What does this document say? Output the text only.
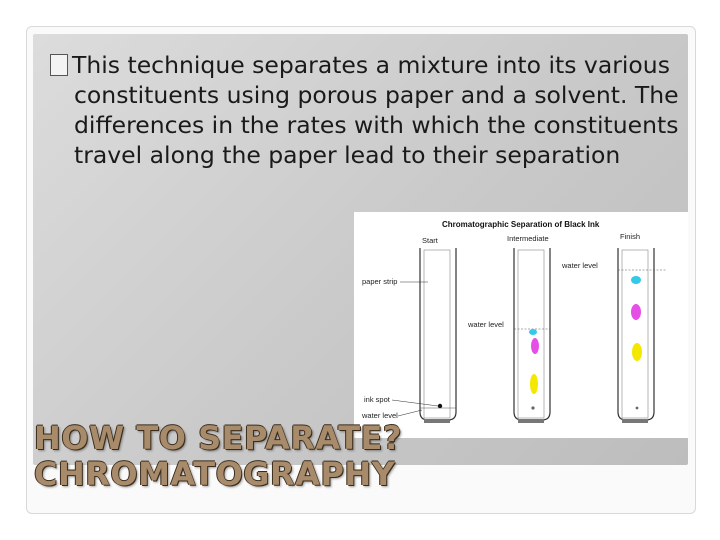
This technique separates a mixture into its various constituents using porous paper and a solvent. The differences in the rates with which the constituents travel along the paper lead to their separation
Chromatographic Separation of Black Ink
Start	Intermediate	Finish
paper strip
ink spot
water level
water level
water level
HOW TO SEPARATE?
CHROMATOGRAPHY
